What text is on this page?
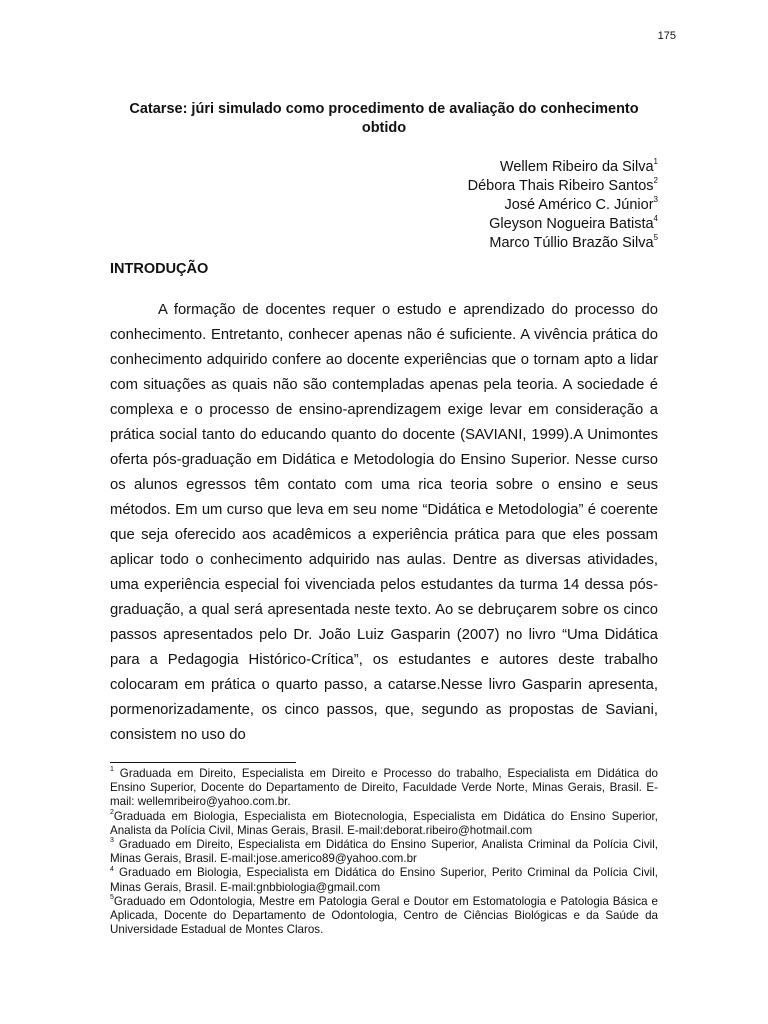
175
Catarse: júri simulado como procedimento de avaliação do conhecimento obtido
Wellem Ribeiro da Silva$^1$
Débora Thais Ribeiro Santos$^2$
José Américo C. Júnior$^3$
Gleyson Nogueira Batista$^4$
Marco Túllio Brazão Silva$^5$
INTRODUÇÃO

A formação de docentes requer o estudo e aprendizado do processo do conhecimento. Entretanto, conhecer apenas não é suficiente. A vivência prática do conhecimento adquirido confere ao docente experiências que o tornam apto a lidar com situações as quais não são contempladas apenas pela teoria. A sociedade é complexa e o processo de ensino-aprendizagem exige levar em consideração a prática social tanto do educando quanto do docente (SAVIANI, 1999).A Unimontes oferta pós-graduação em Didática e Metodologia do Ensino Superior. Nesse curso os alunos egressos têm contato com uma rica teoria sobre o ensino e seus métodos. Em um curso que leva em seu nome “Didática e Metodologia” é coerente que seja oferecido aos acadêmicos a experiência prática para que eles possam aplicar todo o conhecimento adquirido nas aulas. Dentre as diversas atividades, uma experiência especial foi vivenciada pelos estudantes da turma 14 dessa pós-graduação, a qual será apresentada neste texto. Ao se debruçarem sobre os cinco passos apresentados pelo Dr. João Luiz Gasparin (2007) no livro “Uma Didática para a Pedagogia Histórico-Crítica”, os estudantes e autores deste trabalho colocaram em prática o quarto passo, a catarse.Nesse livro Gasparin apresenta, pormenorizadamente, os cinco passos, que, segundo as propostas de Saviani, consistem no uso do

$^1$ Graduada em Direito, Especialista em Direito e Processo do trabalho, Especialista em Didática do Ensino Superior, Docente do Departamento de Direito, Faculdade Verde Norte, Minas Gerais, Brasil. E-mail: wellemribeiro@yahoo.com.br.

$^2$Graduada em Biologia, Especialista em Biotecnologia, Especialista em Didática do Ensino Superior, Analista da Polícia Civil, Minas Gerais, Brasil. E-mail:deborat.ribeiro@hotmail.com

$^3$ Graduado em Direito, Especialista em Didática do Ensino Superior, Analista Criminal da Polícia Civil, Minas Gerais, Brasil. E-mail:jose.americo89@yahoo.com.br

$^4$ Graduado em Biologia, Especialista em Didática do Ensino Superior, Perito Criminal da Polícia Civil, Minas Gerais, Brasil. E-mail:gnbbiologia@gmail.com

$^5$Graduado em Odontologia, Mestre em Patologia Geral e Doutor em Estomatologia e Patologia Básica e Aplicada, Docente do Departamento de Odontologia, Centro de Ciências Biológicas e da Saúde da Universidade Estadual de Montes Claros.
